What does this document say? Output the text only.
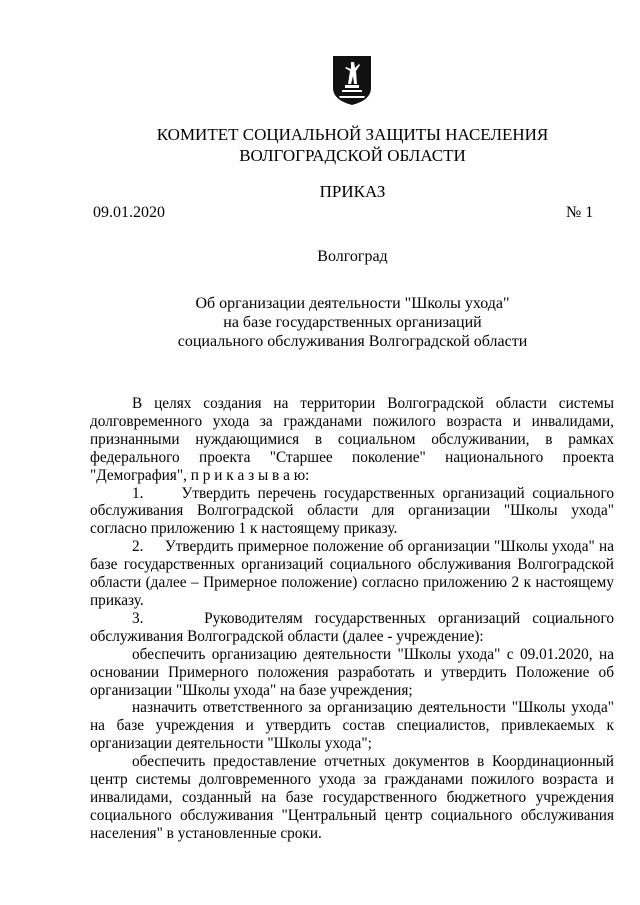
КОМИТЕТ СОЦИАЛЬНОЙ ЗАЩИТЫ НАСЕЛЕНИЯ
ВОЛГОГРАДСКОЙ ОБЛАСТИ
ПРИКАЗ
09.01.2020	№ 1
Волгоград
Об организации деятельности "Школы ухода"
на базе государственных организаций
социального обслуживания Волгоградской области

В целях создания на территории Волгоградской области системы долговременного ухода за гражданами пожилого возраста и инвалидами, признанными нуждающимися в социальном обслуживании, в рамках федерального проекта "Старшее поколение" национального проекта "Демография", п р и к а з ы в а ю:

1.     Утвердить перечень государственных организаций социального обслуживания Волгоградской области для организации "Школы ухода" согласно приложению 1 к настоящему приказу.

2.     Утвердить примерное положение об организации "Школы ухода" на базе государственных организаций социального обслуживания Волгоградской области (далее – Примерное положение) согласно приложению 2 к настоящему приказу.

3.     Руководителям государственных организаций социального обслуживания Волгоградской области (далее - учреждение):

обеспечить организацию деятельности "Школы ухода" с 09.01.2020, на основании Примерного положения разработать и утвердить Положение об организации "Школы ухода" на базе учреждения;

назначить ответственного за организацию деятельности "Школы ухода" на базе учреждения и утвердить состав специалистов, привлекаемых к организации деятельности "Школы ухода";

обеспечить предоставление отчетных документов в Координационный центр системы долговременного ухода за гражданами пожилого возраста и инвалидами, созданный на базе государственного бюджетного учреждения социального обслуживания "Центральный центр социального обслуживания населения" в установленные сроки.
